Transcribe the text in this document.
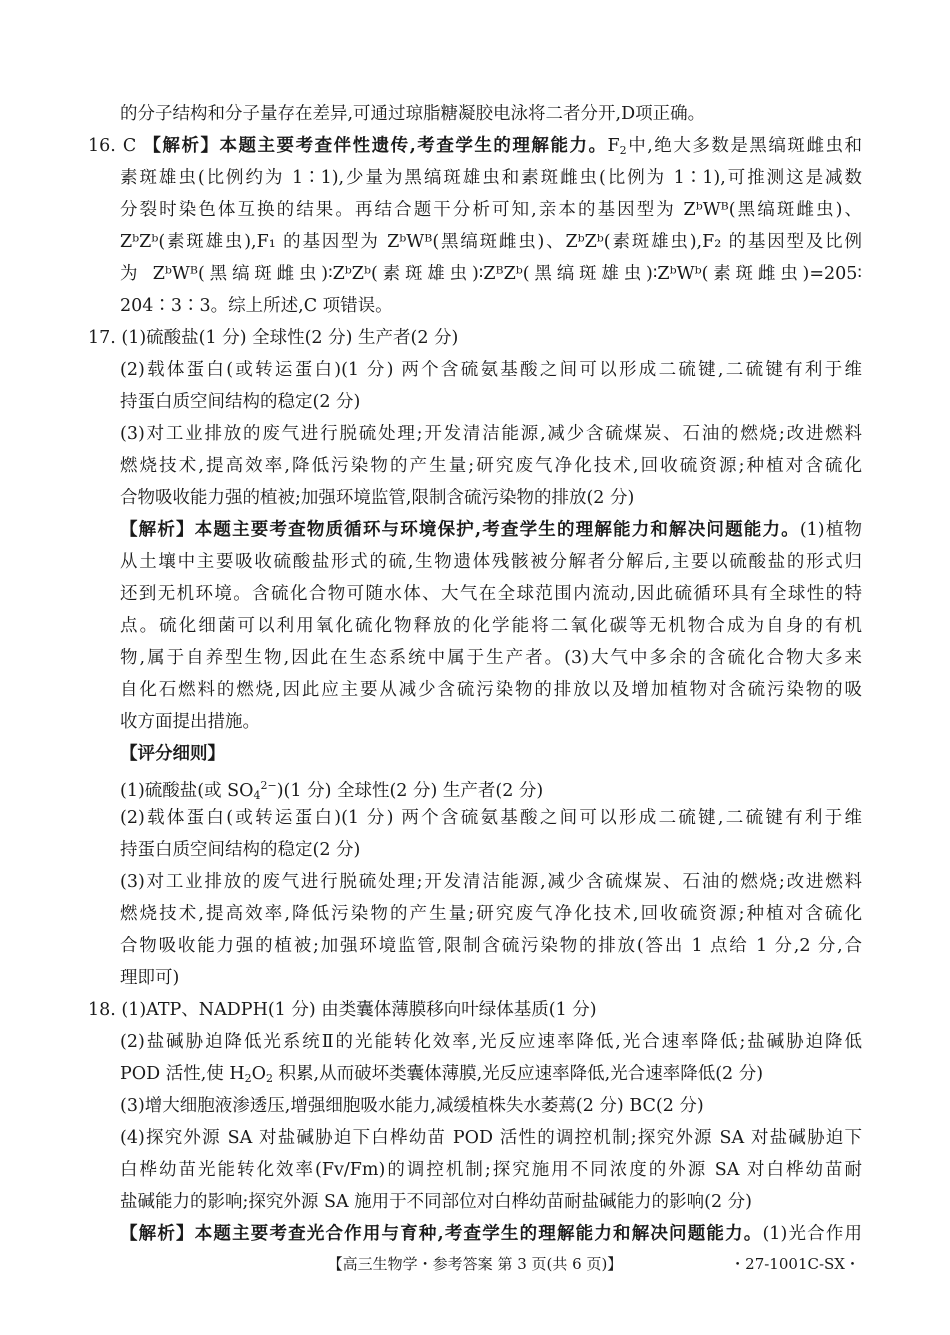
的分子结构和分子量存在差异,可通过琼脂糖凝胶电泳将二者分开,D项正确。
16. C 【解析】本题主要考查伴性遗传,考查学生的理解能力。$F_2$中,绝大多数是黑缟斑雌虫和
素斑雄虫(比例约为 1∶1),少量为黑缟斑雄虫和素斑雌虫(比例为 1∶1),可推测这是减数
分裂时染色体互换的结果。再结合题干分析可知,亲本的基因型为 ZᵇWᴮ(黑缟斑雌虫)、
ZᵇZᵇ(素斑雄虫),F₁ 的基因型为 ZᵇWᴮ(黑缟斑雌虫)、ZᵇZᵇ(素斑雄虫),F₂ 的基因型及比例
为 ZᵇWᴮ(黑缟斑雌虫)∶ZᵇZᵇ(素斑雄虫)∶ZᴮZᵇ(黑缟斑雄虫)∶ZᵇWᵇ(素斑雌虫)=205∶
204∶3∶3。综上所述,C 项错误。
17. (1)硫酸盐(1 分) 全球性(2 分) 生产者(2 分)
(2)载体蛋白(或转运蛋白)(1 分) 两个含硫氨基酸之间可以形成二硫键,二硫键有利于维
持蛋白质空间结构的稳定(2 分)
(3)对工业排放的废气进行脱硫处理;开发清洁能源,减少含硫煤炭、石油的燃烧;改进燃料
燃烧技术,提高效率,降低污染物的产生量;研究废气净化技术,回收硫资源;种植对含硫化
合物吸收能力强的植被;加强环境监管,限制含硫污染物的排放(2 分)
【解析】本题主要考查物质循环与环境保护,考查学生的理解能力和解决问题能力。(1)植物
从土壤中主要吸收硫酸盐形式的硫,生物遗体残骸被分解者分解后,主要以硫酸盐的形式归
还到无机环境。含硫化合物可随水体、大气在全球范围内流动,因此硫循环具有全球性的特
点。硫化细菌可以利用氧化硫化物释放的化学能将二氧化碳等无机物合成为自身的有机
物,属于自养型生物,因此在生态系统中属于生产者。(3)大气中多余的含硫化合物大多来
自化石燃料的燃烧,因此应主要从减少含硫污染物的排放以及增加植物对含硫污染物的吸
收方面提出措施。
【评分细则】
(1)硫酸盐(或 $SO_4^{2-})(1$ 分) 全球性(2 分) 生产者(2 分)
(2)载体蛋白(或转运蛋白)(1 分) 两个含硫氨基酸之间可以形成二硫键,二硫键有利于维
持蛋白质空间结构的稳定(2 分)
(3)对工业排放的废气进行脱硫处理;开发清洁能源,减少含硫煤炭、石油的燃烧;改进燃料
燃烧技术,提高效率,降低污染物的产生量;研究废气净化技术,回收硫资源;种植对含硫化
合物吸收能力强的植被;加强环境监管,限制含硫污染物的排放(答出 1 点给 1 分,2 分,合
理即可)
18. (1)ATP、NADPH(1 分) 由类囊体薄膜移向叶绿体基质(1 分)
(2)盐碱胁迫降低光系统Ⅱ的光能转化效率,光反应速率降低,光合速率降低;盐碱胁迫降低
POD 活性,使 $H_2O_2$ 积累,从而破坏类囊体薄膜,光反应速率降低,光合速率降低(2 分)
(3)增大细胞液渗透压,增强细胞吸水能力,减缓植株失水萎蔫(2 分) BC(2 分)
(4)探究外源 SA 对盐碱胁迫下白桦幼苗 POD 活性的调控机制;探究外源 SA 对盐碱胁迫下
白桦幼苗光能转化效率(Fv/Fm)的调控机制;探究施用不同浓度的外源 SA 对白桦幼苗耐
盐碱能力的影响;探究外源 SA 施用于不同部位对白桦幼苗耐盐碱能力的影响(2 分)
【解析】本题主要考查光合作用与育种,考查学生的理解能力和解决问题能力。(1)光合作用
【高三生物学・参考答案 第 3 页(共 6 页)】	・27-1001C-SX・
